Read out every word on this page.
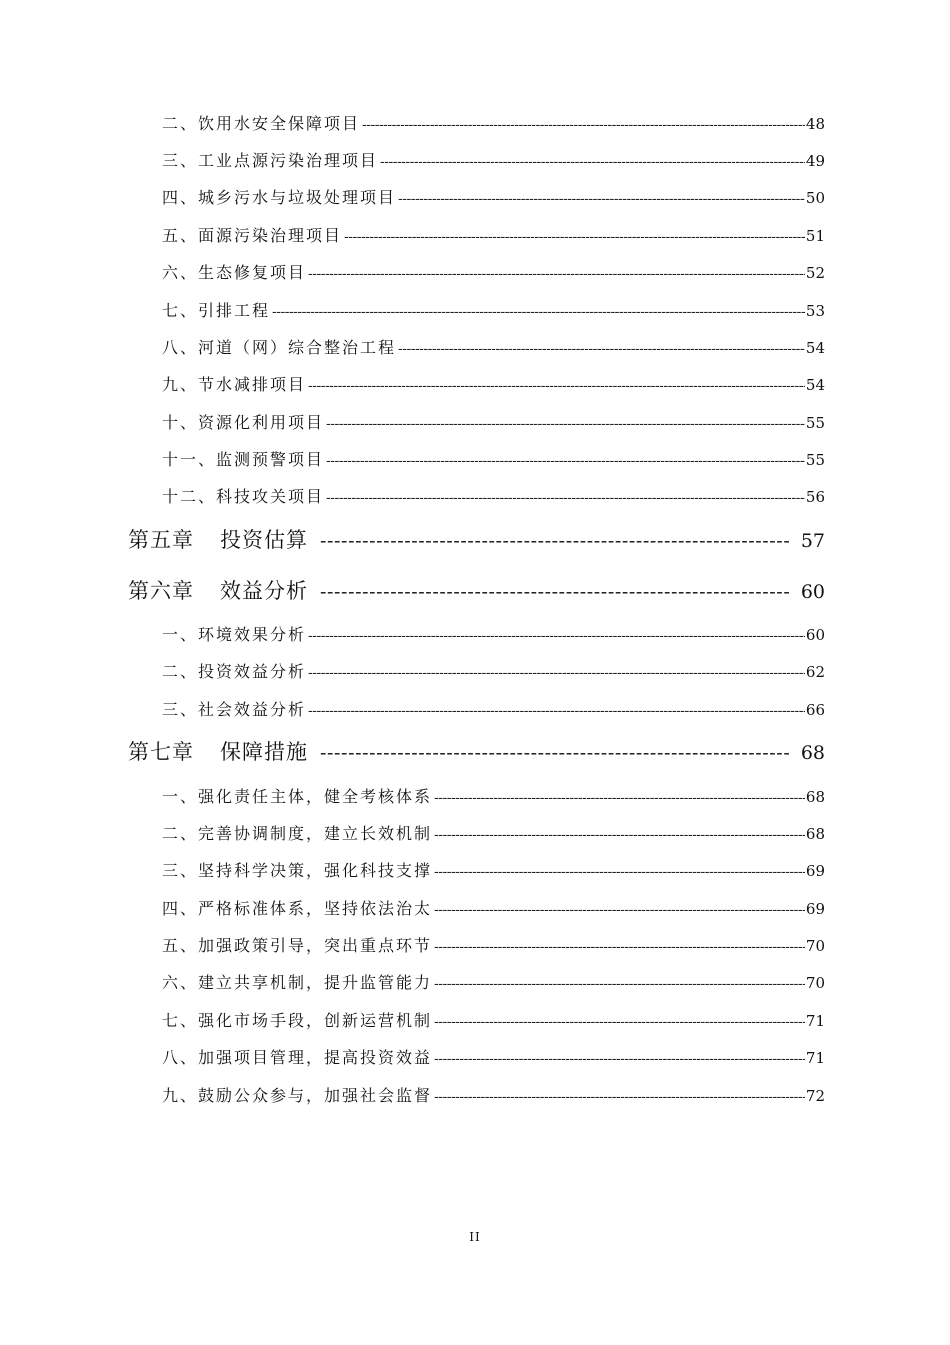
二、饮用水安全保障项目 -----	48
三、工业点源污染治理项目 -----	49
四、城乡污水与垃圾处理项目 -----	50
五、面源污染治理项目 -----	51
六、生态修复项目 -----	52
七、引排工程 -----	53
八、河道（网）综合整治工程 -----	54
九、节水减排项目 -----	54
十、资源化利用项目 -----	55
十一、监测预警项目 -----	55
十二、科技攻关项目 -----	56
第五章 投资估算 -----	57
第六章 效益分析 -----	60
一、环境效果分析 -----	60
二、投资效益分析 -----	62
三、社会效益分析 -----	66
第七章 保障措施 -----	68
一、强化责任主体，健全考核体系 -----	68
二、完善协调制度，建立长效机制 -----	68
三、坚持科学决策，强化科技支撑 -----	69
四、严格标准体系，坚持依法治太 -----	69
五、加强政策引导，突出重点环节 -----	70
六、建立共享机制，提升监管能力 -----	70
七、强化市场手段，创新运营机制 -----	71
八、加强项目管理，提高投资效益 -----	71
九、鼓励公众参与，加强社会监督 -----	72
II
